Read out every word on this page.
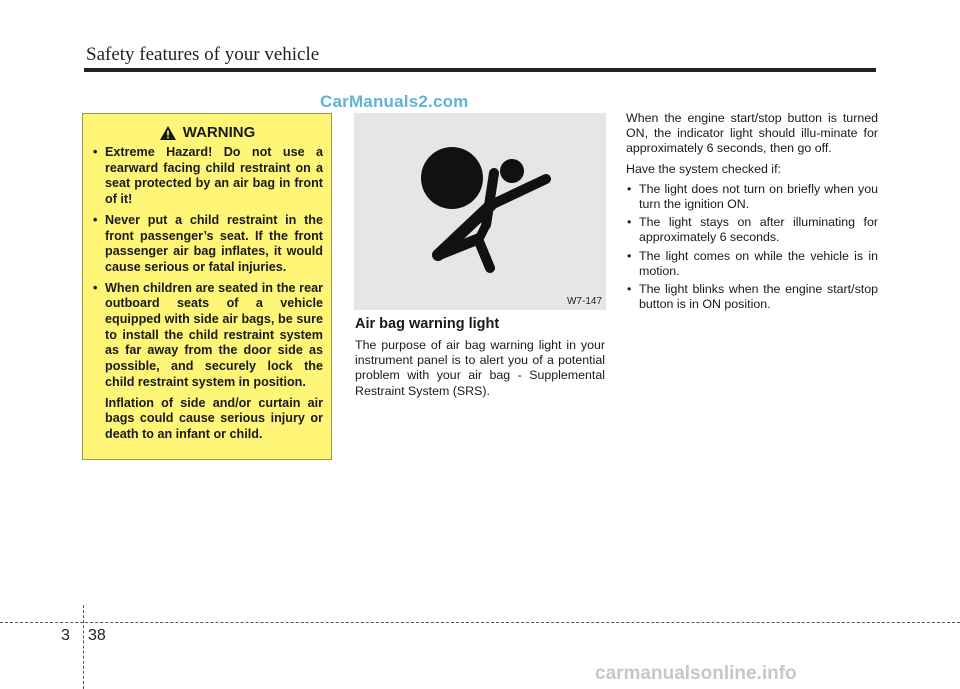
Safety features of your vehicle
CarManuals2.com
WARNING
• Extreme Hazard! Do not use a rearward facing child restraint on a seat protected by an air bag in front of it!
• Never put a child restraint in the front passenger’s seat. If the front passenger air bag inflates, it would cause serious or fatal injuries.
• When children are seated in the rear outboard seats of a vehicle equipped with side air bags, be sure to install the child restraint system as far away from the door side as possible, and securely lock the child restraint system in position.
Inflation of side and/or curtain air bags could cause serious injury or death to an infant or child.
W7-147
Air bag warning light
The purpose of air bag warning light in your instrument panel is to alert you of a potential problem with your air bag - Supplemental Restraint System (SRS).

When the engine start/stop button is turned ON, the indicator light should illu-minate for approximately 6 seconds, then go off.

Have the system checked if:

• The light does not turn on briefly when you turn the ignition ON.
• The light stays on after illuminating for approximately 6 seconds.
• The light comes on while the vehicle is in motion.
• The light blinks when the engine start/stop button is in ON position.
3 38
carmanualsonline.info
